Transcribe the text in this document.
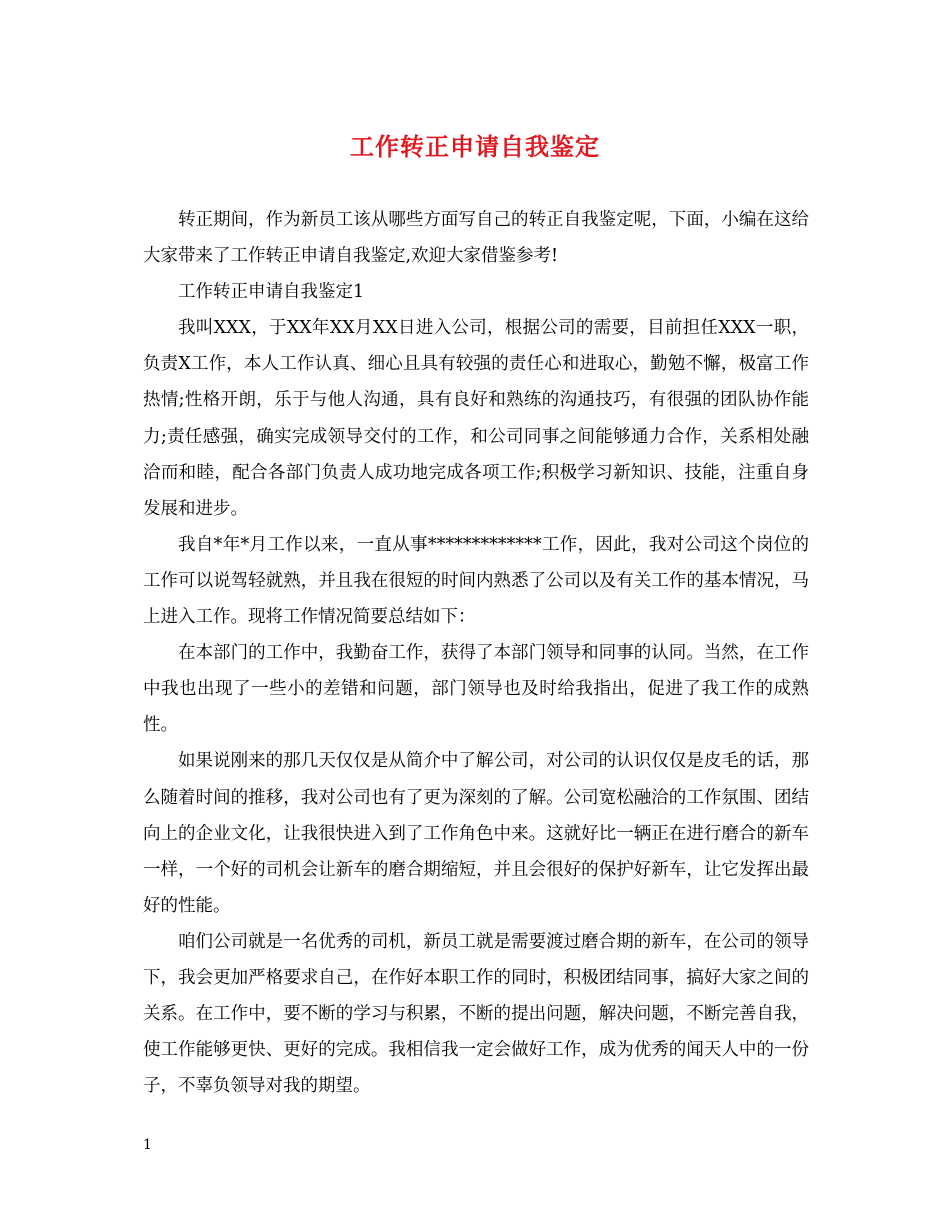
工作转正申请自我鉴定

转正期间，作为新员工该从哪些方面写自己的转正自我鉴定呢，下面，小编在这给大家带来了工作转正申请自我鉴定,欢迎大家借鉴参考!

工作转正申请自我鉴定1

我叫XXX，于XX年XX月XX日进入公司，根据公司的需要，目前担任XXX一职，负责X工作，本人工作认真、细心且具有较强的责任心和进取心，勤勉不懈，极富工作热情;性格开朗，乐于与他人沟通，具有良好和熟练的沟通技巧，有很强的团队协作能力;责任感强，确实完成领导交付的工作，和公司同事之间能够通力合作，关系相处融洽而和睦，配合各部门负责人成功地完成各项工作;积极学习新知识、技能，注重自身发展和进步。

我自*年*月工作以来，一直从事*************工作，因此，我对公司这个岗位的工作可以说驾轻就熟，并且我在很短的时间内熟悉了公司以及有关工作的基本情况，马上进入工作。现将工作情况简要总结如下：

在本部门的工作中，我勤奋工作，获得了本部门领导和同事的认同。当然，在工作中我也出现了一些小的差错和问题，部门领导也及时给我指出，促进了我工作的成熟性。

如果说刚来的那几天仅仅是从简介中了解公司，对公司的认识仅仅是皮毛的话，那么随着时间的推移，我对公司也有了更为深刻的了解。公司宽松融洽的工作氛围、团结向上的企业文化，让我很快进入到了工作角色中来。这就好比一辆正在进行磨合的新车一样，一个好的司机会让新车的磨合期缩短，并且会很好的保护好新车，让它发挥出最好的性能。

咱们公司就是一名优秀的司机，新员工就是需要渡过磨合期的新车，在公司的领导下，我会更加严格要求自己，在作好本职工作的同时，积极团结同事，搞好大家之间的关系。在工作中，要不断的学习与积累，不断的提出问题，解决问题，不断完善自我，使工作能够更快、更好的完成。我相信我一定会做好工作，成为优秀的闻天人中的一份子，不辜负领导对我的期望。

1
